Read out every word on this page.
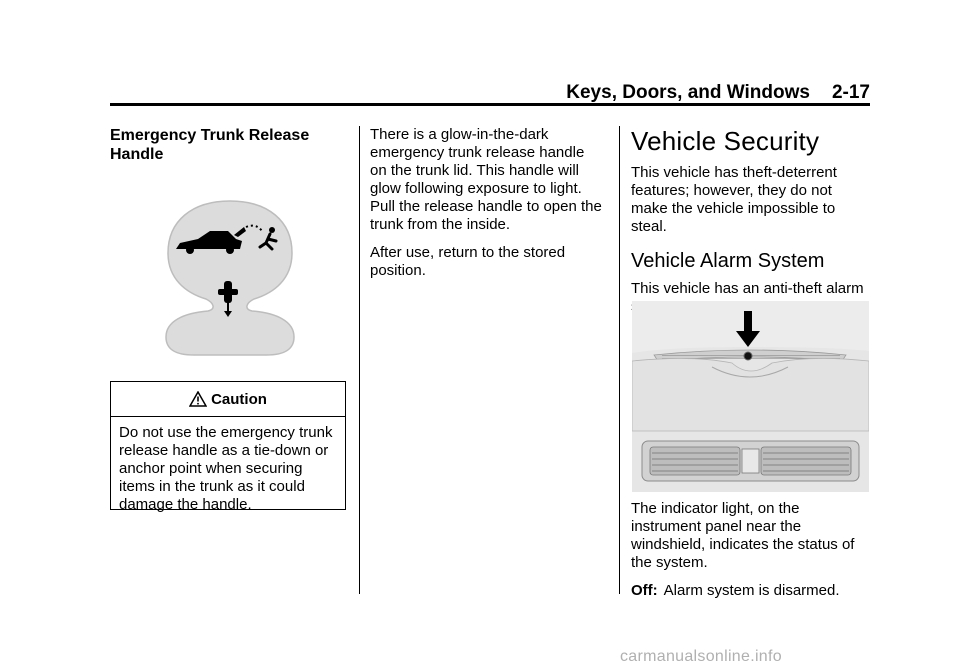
Keys, Doors, and Windows 2-17
Emergency Trunk Release Handle
Caution
Do not use the emergency trunk release handle as a tie-down or anchor point when securing items in the trunk as it could damage the handle.

There is a glow-in-the-dark emergency trunk release handle on the trunk lid. This handle will glow following exposure to light. Pull the release handle to open the trunk from the inside.

After use, return to the stored position.

Vehicle Security

This vehicle has theft-deterrent features; however, they do not make the vehicle impossible to steal.

Vehicle Alarm System

This vehicle has an anti-theft alarm

The indicator light, on the instrument panel near the windshield, indicates the status of the system.

Off: Alarm system is disarmed.
carmanualsonline.info
